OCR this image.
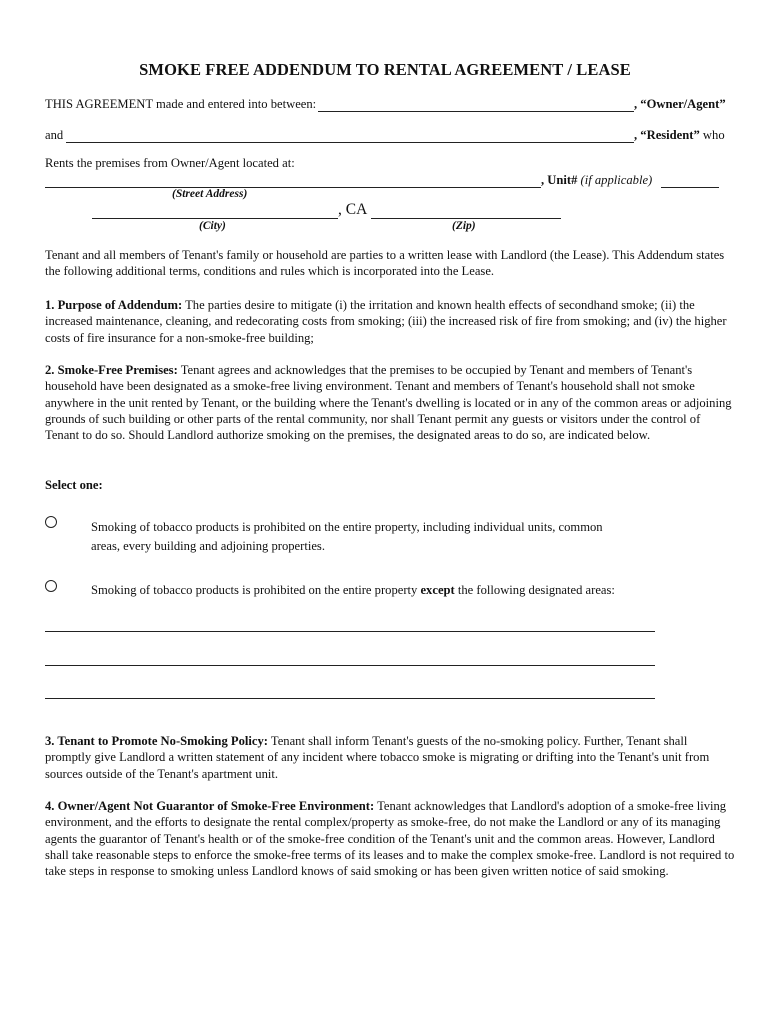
SMOKE FREE ADDENDUM TO RENTAL AGREEMENT / LEASE
THIS AGREEMENT made and entered into between:	, “Owner/Agent”
and	, “Resident” who
Rents the premises from Owner/Agent located at:
, Unit# (if applicable)
(Street Address)
, CA
(City)	(Zip)
Tenant and all members of Tenant's family or household are parties to a written lease with Landlord (the Lease). This Addendum states the following additional terms, conditions and rules which is incorporated into the Lease.
1. Purpose of Addendum: The parties desire to mitigate (i) the irritation and known health effects of secondhand smoke; (ii) the increased maintenance, cleaning, and redecorating costs from smoking; (iii) the increased risk of fire from smoking; and (iv) the higher costs of fire insurance for a non-smoke-free building;
2. Smoke-Free Premises: Tenant agrees and acknowledges that the premises to be occupied by Tenant and members of Tenant's household have been designated as a smoke-free living environment. Tenant and members of Tenant's household shall not smoke anywhere in the unit rented by Tenant, or the building where the Tenant's dwelling is located or in any of the common areas or adjoining grounds of such building or other parts of the rental community, nor shall Tenant permit any guests or visitors under the control of Tenant to do so. Should Landlord authorize smoking on the premises, the designated areas to do so, are indicated below.
Select one:
Smoking of tobacco products is prohibited on the entire property, including individual units, common
areas, every building and adjoining properties.
Smoking of tobacco products is prohibited on the entire property except the following designated areas:
3. Tenant to Promote No-Smoking Policy: Tenant shall inform Tenant's guests of the no-smoking policy. Further, Tenant shall promptly give Landlord a written statement of any incident where tobacco smoke is migrating or drifting into the Tenant's unit from sources outside of the Tenant's apartment unit.
4. Owner/Agent Not Guarantor of Smoke-Free Environment: Tenant acknowledges that Landlord's adoption of a smoke-free living environment, and the efforts to designate the rental complex/property as smoke-free, do not make the Landlord or any of its managing agents the guarantor of Tenant's health or of the smoke-free condition of the Tenant's unit and the common areas. However, Landlord shall take reasonable steps to enforce the smoke-free terms of its leases and to make the complex smoke-free. Landlord is not required to take steps in response to smoking unless Landlord knows of said smoking or has been given written notice of said smoking.
